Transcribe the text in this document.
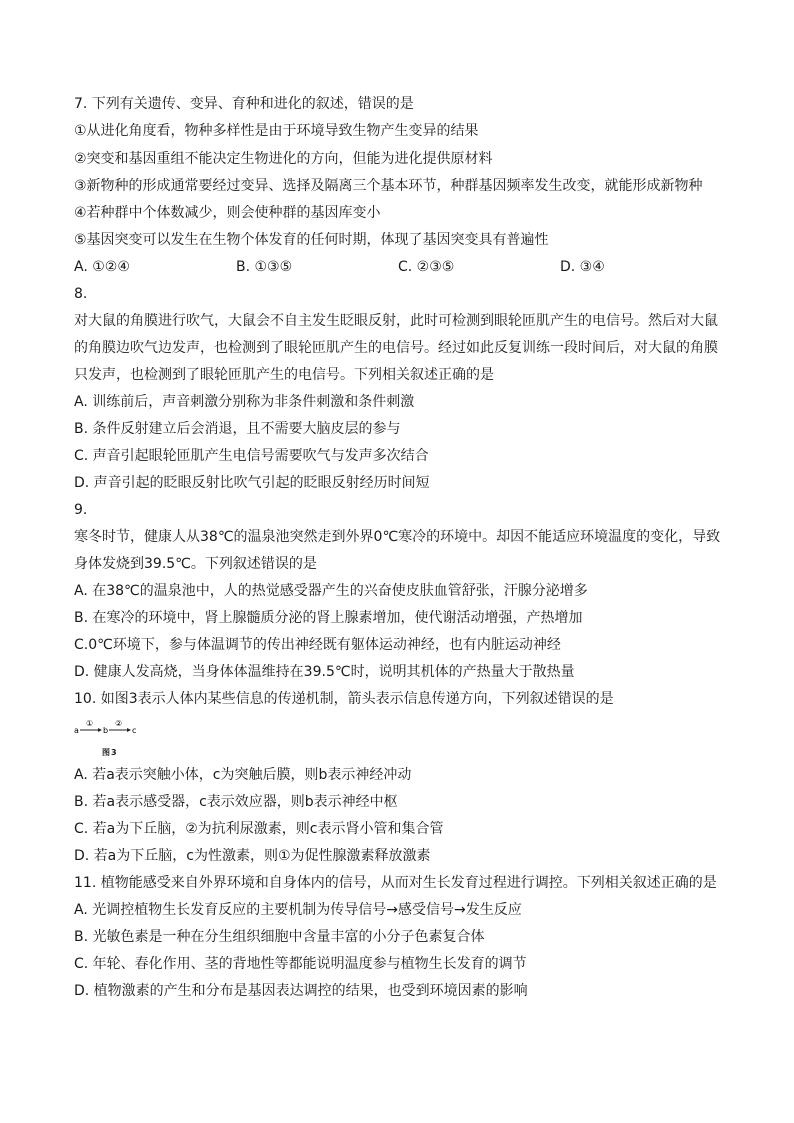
7. 下列有关遗传、变异、育种和进化的叙述，错误的是
①从进化角度看，物种多样性是由于环境导致生物产生变异的结果
②突变和基因重组不能决定生物进化的方向，但能为进化提供原材料
③新物种的形成通常要经过变异、选择及隔离三个基本环节，种群基因频率发生改变，就能形成新物种
④若种群中个体数减少，则会使种群的基因库变小
⑤基因突变可以发生在生物个体发育的任何时期，体现了基因突变具有普遍性
A. ①②④	B. ①③⑤	C. ②③⑤	D. ③④
8.
对大鼠的角膜进行吹气，大鼠会不自主发生眨眼反射，此时可检测到眼轮匝肌产生的电信号。然后对大鼠
的角膜边吹气边发声，也检测到了眼轮匝肌产生的电信号。经过如此反复训练一段时间后，对大鼠的角膜
只发声，也检测到了眼轮匝肌产生的电信号。下列相关叙述正确的是
A. 训练前后，声音刺激分别称为非条件刺激和条件刺激
B. 条件反射建立后会消退，且不需要大脑皮层的参与
C. 声音引起眼轮匝肌产生电信号需要吹气与发声多次结合
D. 声音引起的眨眼反射比吹气引起的眨眼反射经历时间短
9.
寒冬时节，健康人从38℃的温泉池突然走到外界0℃寒冷的环境中。却因不能适应环境温度的变化，导致
身体发烧到39.5℃。下列叙述错误的是
A. 在38℃的温泉池中，人的热觉感受器产生的兴奋使皮肤血管舒张，汗腺分泌增多
B. 在寒冷的环境中，肾上腺髓质分泌的肾上腺素增加，使代谢活动增强，产热增加
C.0℃环境下，参与体温调节的传出神经既有躯体运动神经，也有内脏运动神经
D. 健康人发高烧，当身体体温维持在39.5℃时，说明其机体的产热量大于散热量
10. 如图3表示人体内某些信息的传递机制，箭头表示信息传递方向，下列叙述错误的是
a
①
b
②
c
图3
A. 若a表示突触小体，c为突触后膜，则b表示神经冲动
B. 若a表示感受器，c表示效应器，则b表示神经中枢
C. 若a为下丘脑，②为抗利尿激素，则c表示肾小管和集合管
D. 若a为下丘脑，c为性激素，则①为促性腺激素释放激素
11. 植物能感受来自外界环境和自身体内的信号，从而对生长发育过程进行调控。下列相关叙述正确的是
A. 光调控植物生长发育反应的主要机制为传导信号→感受信号→发生反应
B. 光敏色素是一种在分生组织细胞中含量丰富的小分子色素复合体
C. 年轮、春化作用、茎的背地性等都能说明温度参与植物生长发育的调节
D. 植物激素的产生和分布是基因表达调控的结果，也受到环境因素的影响
